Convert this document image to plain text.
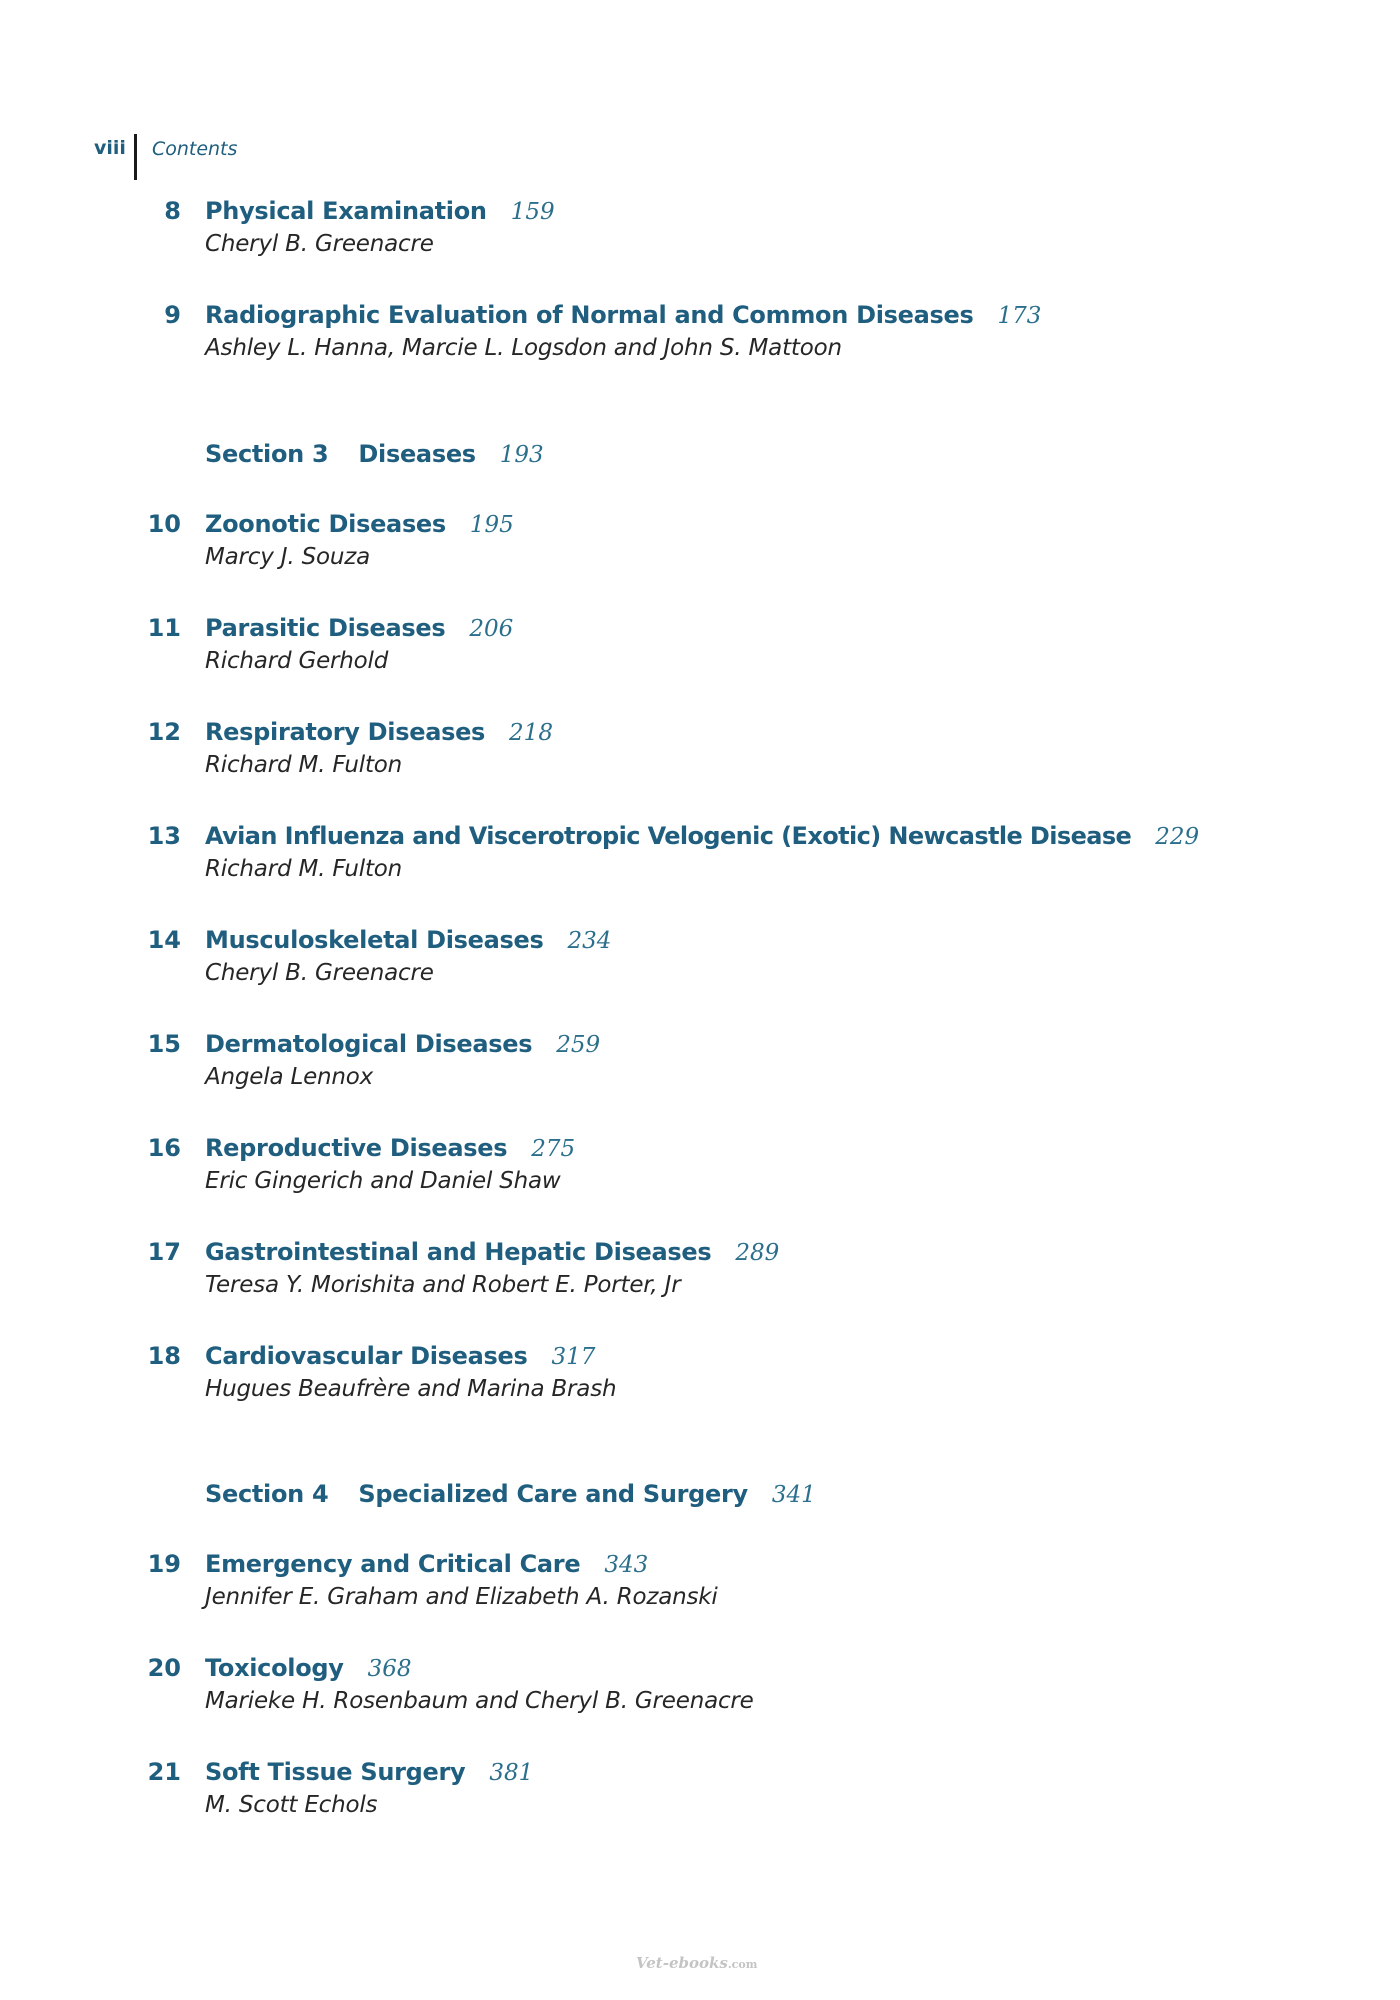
viii	Contents
8 Physical Examination 159
Cheryl B. Greenacre
9 Radiographic Evaluation of Normal and Common Diseases 173
Ashley L. Hanna, Marcie L. Logsdon and John S. Mattoon
Section 3 Diseases 193
10 Zoonotic Diseases 195
Marcy J. Souza
11 Parasitic Diseases 206
Richard Gerhold
12 Respiratory Diseases 218
Richard M. Fulton
13 Avian Influenza and Viscerotropic Velogenic (Exotic) Newcastle Disease 229
Richard M. Fulton
14 Musculoskeletal Diseases 234
Cheryl B. Greenacre
15 Dermatological Diseases 259
Angela Lennox
16 Reproductive Diseases 275
Eric Gingerich and Daniel Shaw
17 Gastrointestinal and Hepatic Diseases 289
Teresa Y. Morishita and Robert E. Porter, Jr
18 Cardiovascular Diseases 317
Hugues Beaufrère and Marina Brash
Section 4 Specialized Care and Surgery 341
19 Emergency and Critical Care 343
Jennifer E. Graham and Elizabeth A. Rozanski
20 Toxicology 368
Marieke H. Rosenbaum and Cheryl B. Greenacre
21 Soft Tissue Surgery 381
M. Scott Echols
Vet-ebooks.com
